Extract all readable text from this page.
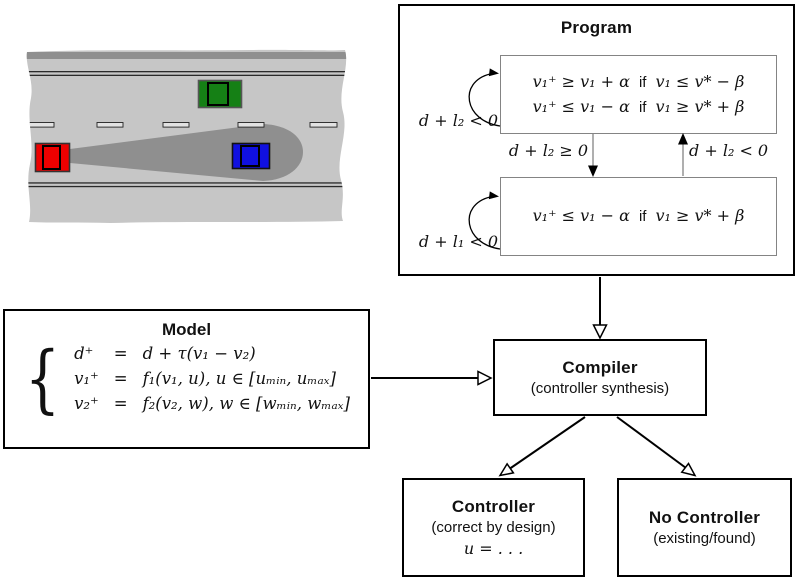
Program
v₁⁺ ≥ v₁ + α if v₁ ≤ v* − β
v₁⁺ ≤ v₁ − α if v₁ ≥ v* + β
v₁⁺ ≤ v₁ − α if v₁ ≥ v* + β
d + l₂ < 0
d + l₂ ≥ 0	d + l₂ < 0
d + l₁ < 0
Model
{ d⁺	= d + τ(v₁ − v₂)
v₁⁺ = f₁(v₁, u), u ∈ [uₘᵢₙ, uₘₐₓ]
v₂⁺ = f₂(v₂, w), w ∈ [wₘᵢₙ, wₘₐₓ]
Compiler
(controller synthesis)
Controller
(correct by design)
u = . . .
No Controller
(existing/found)
